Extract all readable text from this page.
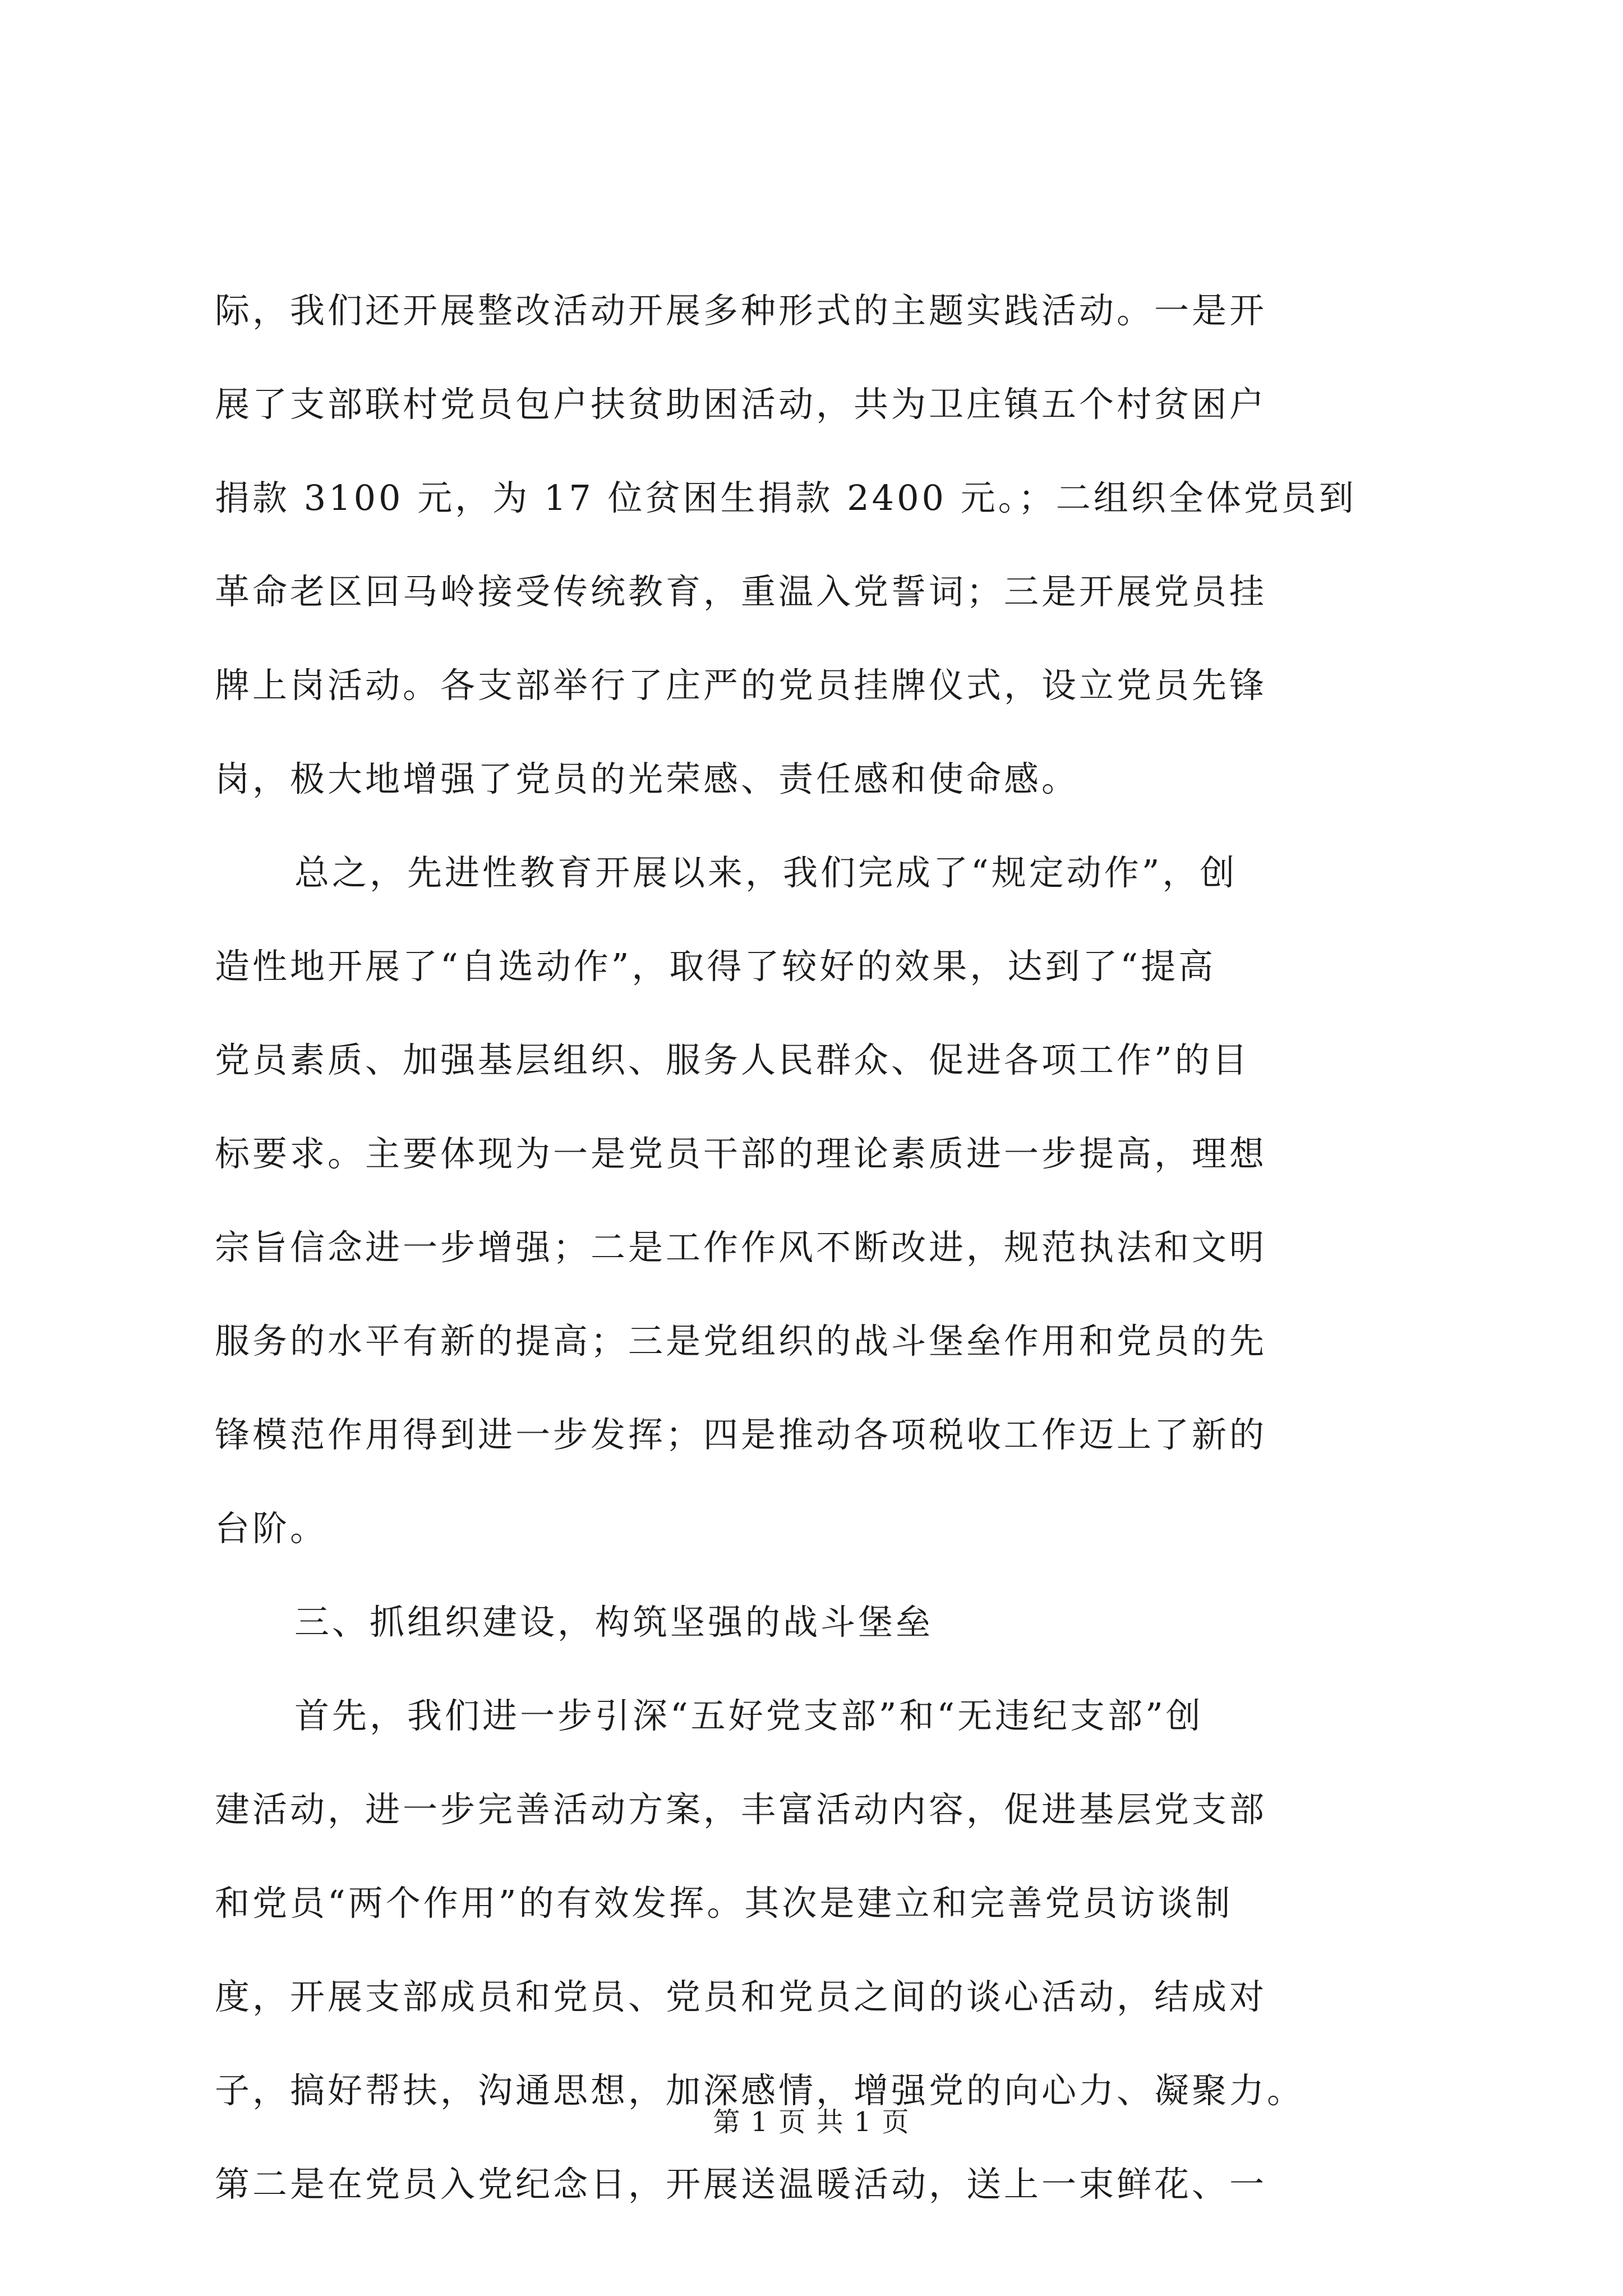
际，我们还开展整改活动开展多种形式的主题实践活动。一是开
展了支部联村党员包户扶贫助困活动，共为卫庄镇五个村贫困户
捐款 3100 元，为 17 位贫困生捐款 2400 元。；二组织全体党员到
革命老区回马岭接受传统教育，重温入党誓词；三是开展党员挂
牌上岗活动。各支部举行了庄严的党员挂牌仪式，设立党员先锋
岗，极大地增强了党员的光荣感、责任感和使命感。

总之，先进性教育开展以来，我们完成了“规定动作”，创
造性地开展了“自选动作”，取得了较好的效果，达到了“提高
党员素质、加强基层组织、服务人民群众、促进各项工作”的目
标要求。主要体现为一是党员干部的理论素质进一步提高，理想
宗旨信念进一步增强；二是工作作风不断改进，规范执法和文明
服务的水平有新的提高；三是党组织的战斗堡垒作用和党员的先
锋模范作用得到进一步发挥；四是推动各项税收工作迈上了新的
台阶。

三、抓组织建设，构筑坚强的战斗堡垒

首先，我们进一步引深“五好党支部”和“无违纪支部”创
建活动，进一步完善活动方案，丰富活动内容，促进基层党支部
和党员“两个作用”的有效发挥。其次是建立和完善党员访谈制
度，开展支部成员和党员、党员和党员之间的谈心活动，结成对
子，搞好帮扶，沟通思想，加深感情，增强党的向心力、凝聚力。
第二是在党员入党纪念日，开展送温暖活动，送上一束鲜花、一

第 1 页 共 1 页
